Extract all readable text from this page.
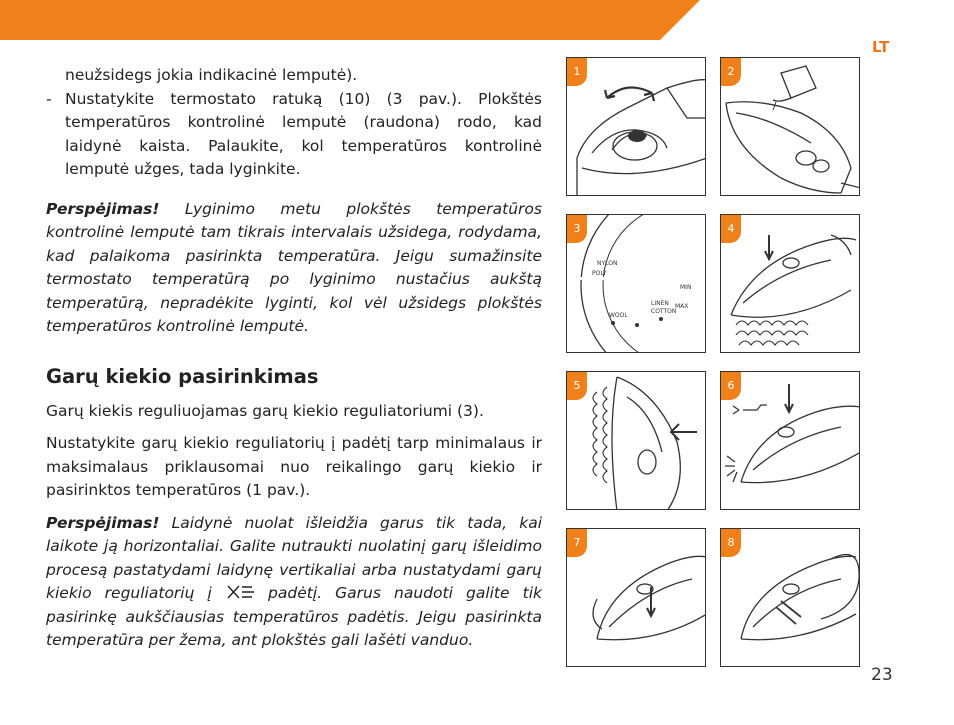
LT

neužsidegs jokia indikacinė lemputė).

- Nustatykite termostato ratuką (10) (3 pav.). Plokštės temperatūros kontrolinė lemputė (raudona) rodo, kad laidynė kaista. Palaukite, kol temperatūros kontrolinė lemputė užges, tada lyginkite.

Perspėjimas! Lyginimo metu plokštės temperatūros kontrolinė lemputė tam tikrais intervalais užsidega, rodydama, kad palaikoma pasirinkta temperatūra. Jeigu sumažinsite termostato temperatūrą po lyginimo nustačius aukštą temperatūrą, nepradėkite lyginti, kol vėl užsidegs plokštės temperatūros kontrolinė lemputė.

Garų kiekio pasirinkimas

Garų kiekis reguliuojamas garų kiekio reguliatoriumi (3).

Nustatykite garų kiekio reguliatorių į padėtį tarp minimalaus ir maksimalaus priklausomai nuo reikalingo garų kiekio ir pasirinktos temperatūros (1 pav.).

Perspėjimas! Laidynė nuolat išleidžia garus tik tada, kai laikote ją horizontaliai. Galite nutraukti nuolatinį garų išleidimo procesą pastatydami laidynę vertikaliai arba nustatydami garų kiekio reguliatorių į  padėtį. Garus naudoti galite tik pasirinkę aukščiausias temperatūros padėtis. Jeigu pasirinkta temperatūra per žema, ant plokštės gali lašėti vanduo.

1	2
MIN
MAX
LINEN
COTTON
WOOL
POLY
NYLON
3	4
5	6
7	8
23
